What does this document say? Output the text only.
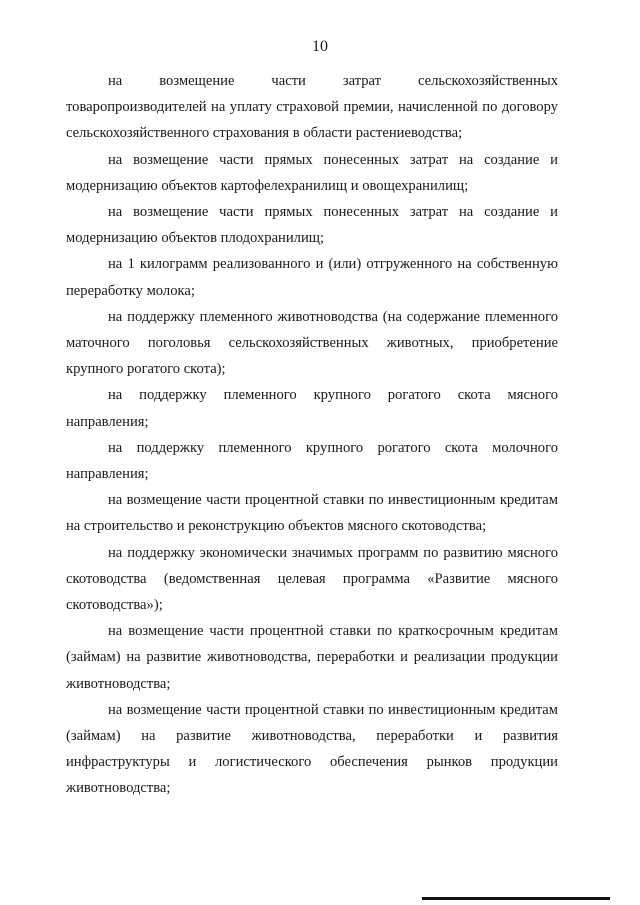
10

на возмещение части затрат сельскохозяйственных товаропроизводителей на уплату страховой премии, начисленной по договору сельскохозяйственного страхования в области растениеводства;

на возмещение части прямых понесенных затрат на создание и модернизацию объектов картофелехранилищ и овощехранилищ;

на возмещение части прямых понесенных затрат на создание и модернизацию объектов плодохранилищ;

на 1 килограмм реализованного и (или) отгруженного на собственную переработку молока;

на поддержку племенного животноводства (на содержание племенного маточного поголовья сельскохозяйственных животных, приобретение крупного рогатого скота);

на поддержку племенного крупного рогатого скота мясного направления;

на поддержку племенного крупного рогатого скота молочного направления;

на возмещение части процентной ставки по инвестиционным кредитам на строительство и реконструкцию объектов мясного скотоводства;

на поддержку экономически значимых программ по развитию мясного скотоводства (ведомственная целевая программа «Развитие мясного скотоводства»);

на возмещение части процентной ставки по краткосрочным кредитам (займам) на развитие животноводства, переработки и реализации продукции животноводства;

на возмещение части процентной ставки по инвестиционным кредитам (займам) на развитие животноводства, переработки и развития инфраструктуры и логистического обеспечения рынков продукции животноводства;
